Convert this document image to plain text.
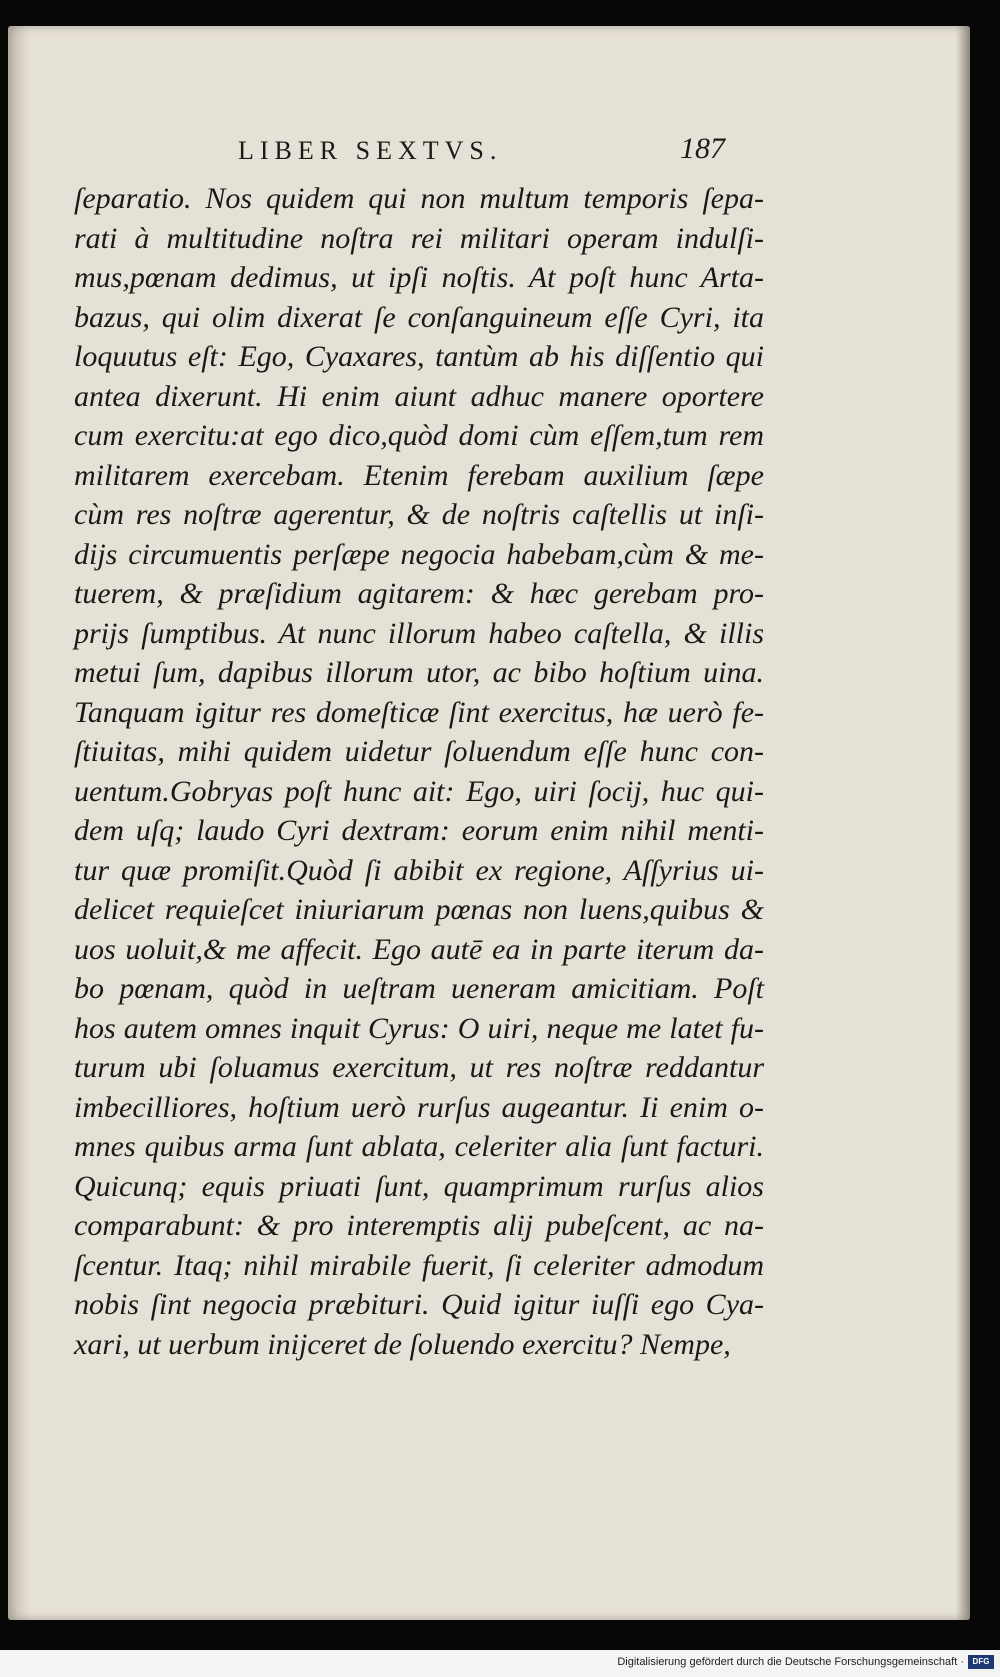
LIBER SEXTVS.	187
ſeparatio. Nos quidem qui non multum temporis ſepa-
rati à multitudine noſtra rei militari operam indulſi-
mus,pœnam dedimus, ut ipſi noſtis. At poſt hunc Arta-
bazus, qui olim dixerat ſe conſanguineum eſſe Cyri, ita
loquutus eſt: Ego, Cyaxares, tantùm ab his diſſentio qui
antea dixerunt. Hi enim aiunt adhuc manere oportere
cum exercitu:at ego dico,quòd domi cùm eſſem,tum rem
militarem exercebam. Etenim ferebam auxilium ſæpe
cùm res noſtræ agerentur, & de noſtris caſtellis ut inſi-
dijs circumuentis perſæpe negocia habebam,cùm & me-
tuerem, & præſidium agitarem: & hæc gerebam pro-
prijs ſumptibus. At nunc illorum habeo caſtella, & illis
metui ſum, dapibus illorum utor, ac bibo hoſtium uina.
Tanquam igitur res domeſticæ ſint exercitus, hæ uerò fe-
ſtiuitas, mihi quidem uidetur ſoluendum eſſe hunc con-
uentum.Gobryas poſt hunc ait: Ego, uiri ſocij, huc qui-
dem uſq; laudo Cyri dextram: eorum enim nihil menti-
tur quæ promiſit.Quòd ſi abibit ex regione, Aſſyrius ui-
delicet requieſcet iniuriarum pœnas non luens,quibus &
uos uoluit,& me affecit. Ego autē ea in parte iterum da-
bo pœnam, quòd in ueſtram ueneram amicitiam. Poſt
hos autem omnes inquit Cyrus: O uiri, neque me latet fu-
turum ubi ſoluamus exercitum, ut res noſtræ reddantur
imbecilliores, hoſtium uerò rurſus augeantur. Ii enim o-
mnes quibus arma ſunt ablata, celeriter alia ſunt facturi.
Quicunq; equis priuati ſunt, quamprimum rurſus alios
comparabunt: & pro interemptis alij pubeſcent, ac na-
ſcentur. Itaq; nihil mirabile fuerit, ſi celeriter admodum
nobis ſint negocia præbituri. Quid igitur iuſſi ego Cya-
xari, ut uerbum inijceret de ſoluendo exercitu? Nempe,
Digitalisierung gefördert durch die Deutsche Forschungsgemeinschaft ·	DFG
